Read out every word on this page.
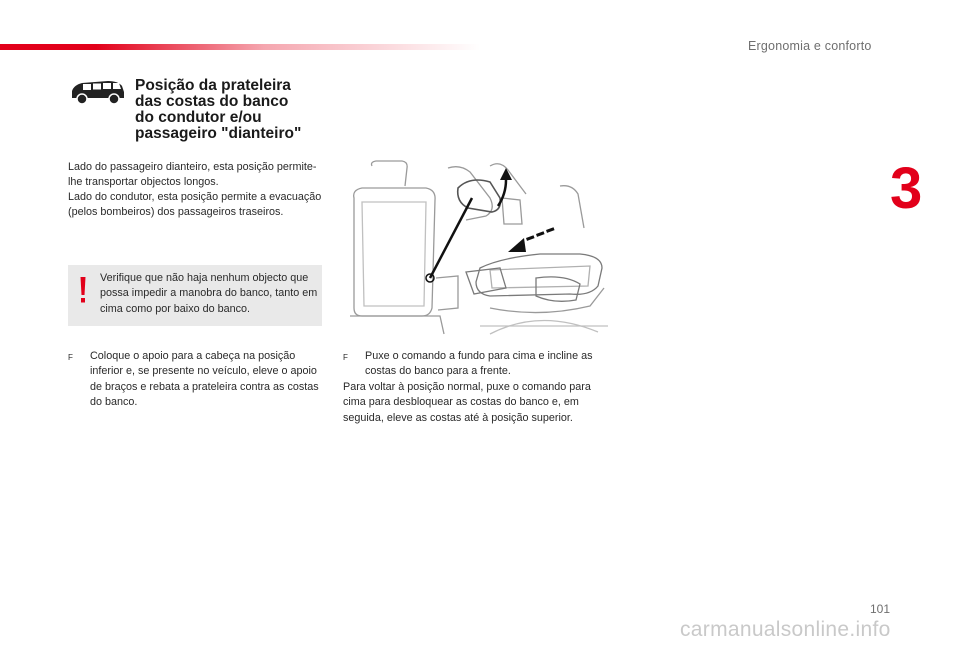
Ergonomia e conforto
3
Posição da prateleira
das costas do banco
do condutor e/ou
passageiro "dianteiro"

Lado do passageiro dianteiro, esta posição permite-lhe transportar objectos longos.

Lado do condutor, esta posição permite a evacuação (pelos bombeiros) dos passageiros traseiros.

Verifique que não haja nenhum objecto que possa impedir a manobra do banco, tanto em cima como por baixo do banco.
F	Coloque o apoio para a cabeça na posição inferior e, se presente no veículo, eleve o apoio de braços e rebata a prateleira contra as costas do banco.
F	Puxe o comando a fundo para cima e incline as costas do banco para a frente.
Para voltar à posição normal, puxe o comando para cima para desbloquear as costas do banco e, em seguida, eleve as costas até à posição superior.
101
carmanualsonline.info
